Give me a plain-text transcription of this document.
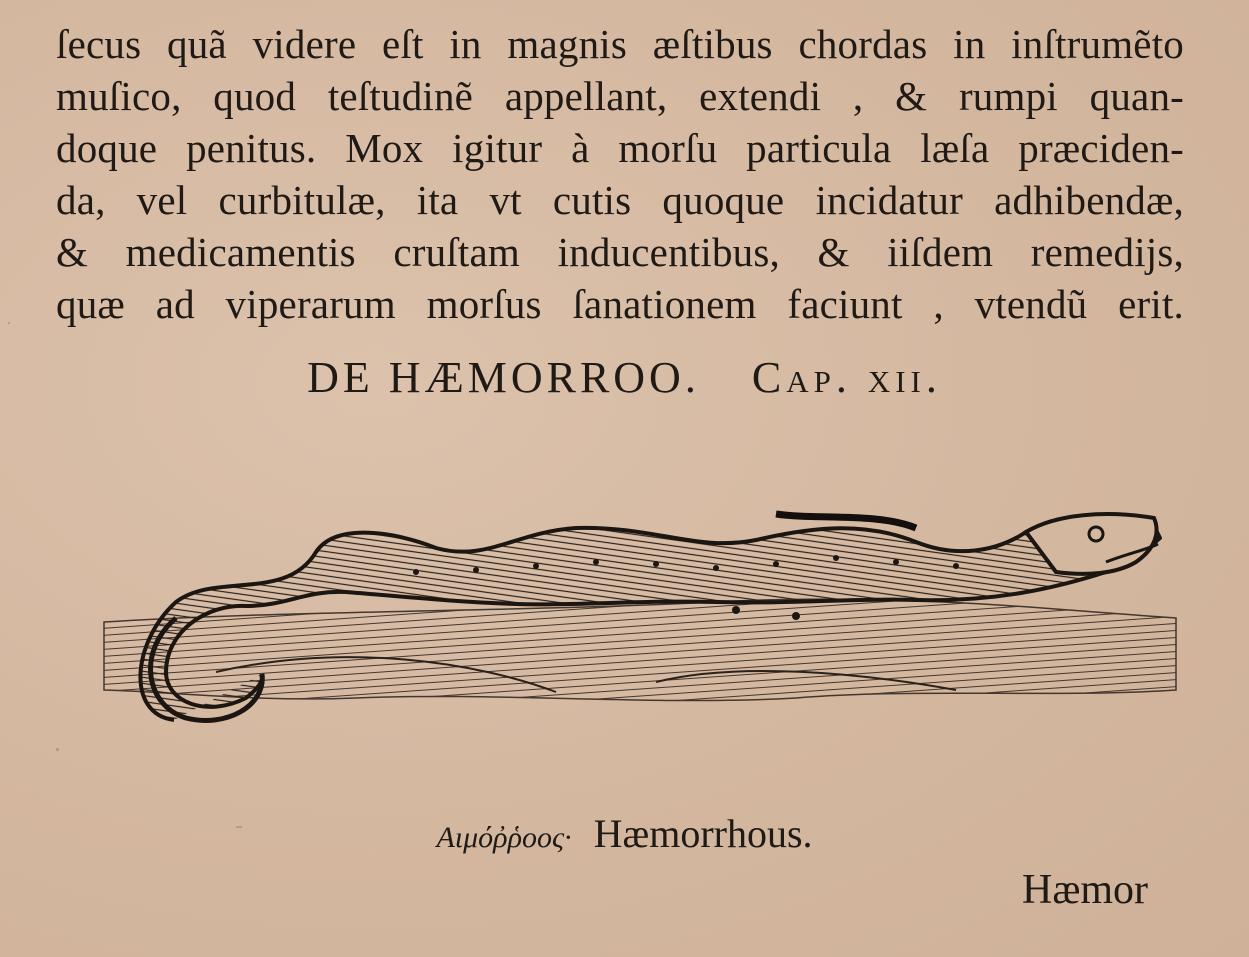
ſecus quã videre eſt in magnis æſtibus chordas in inſtrumẽto
muſico, quod teſtudinẽ appellant, extendi , & rumpi quan-
doque penitus. Mox igitur à morſu particula læſa præciden-
da, vel curbitulæ, ita vt cutis quoque incidatur adhibendæ,
& medicamentis cruſtam inducentibus, & iiſdem remedijs,
quæ ad viperarum morſus ſanationem faciunt , vtendũ erit.
DE HÆMORROO. Cap. xii.
Αιμόῤῥοος· Hæmorrhous.
Hæmor
